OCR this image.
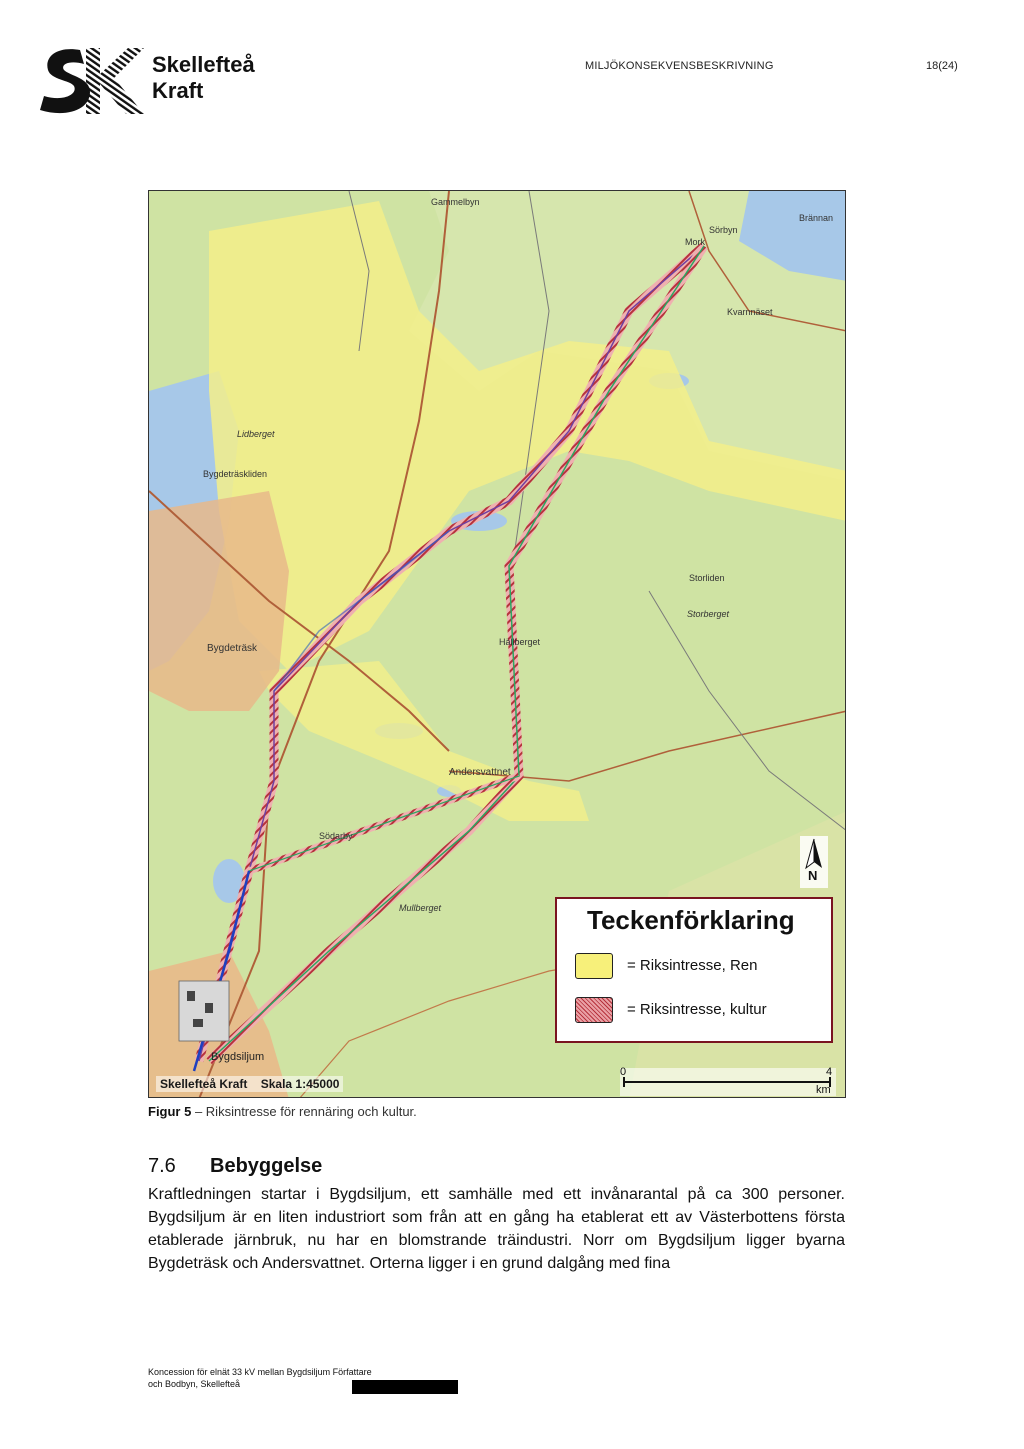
Skellefteå
Kraft
MILJÖKONSEKVENSBESKRIVNING	18(24)
Gammelbyn
Sörbyn
Brännan
Kvarnnäset
Mork
Bygdeträsk
Bygdeträskliden
Lidberget
Andersvattnet
Södarby
Bygdsiljum
Storberget
Mullberget
Hällberget
Storliden
Teckenförklaring
= Riksintresse, Ren
= Riksintresse, kultur
N
Skellefteå Kraft Skala 1:45000
0	4
km
Figur 5 – Riksintresse för rennäring och kultur.
7.6 Bebyggelse

Kraftledningen startar i Bygdsiljum, ett samhälle med ett invånarantal på ca 300 personer. Bygdsiljum är en liten industriort som från att en gång ha etablerat ett av Västerbottens första etablerade järnbruk, nu har en blomstrande träindustri. Norr om Bygdsiljum ligger byarna Bygdeträsk och Andersvattnet. Orterna ligger i en grund dalgång med fina

Koncession för elnät 33 kV mellan Bygdsiljum Författare
och Bodbyn, Skellefteå
